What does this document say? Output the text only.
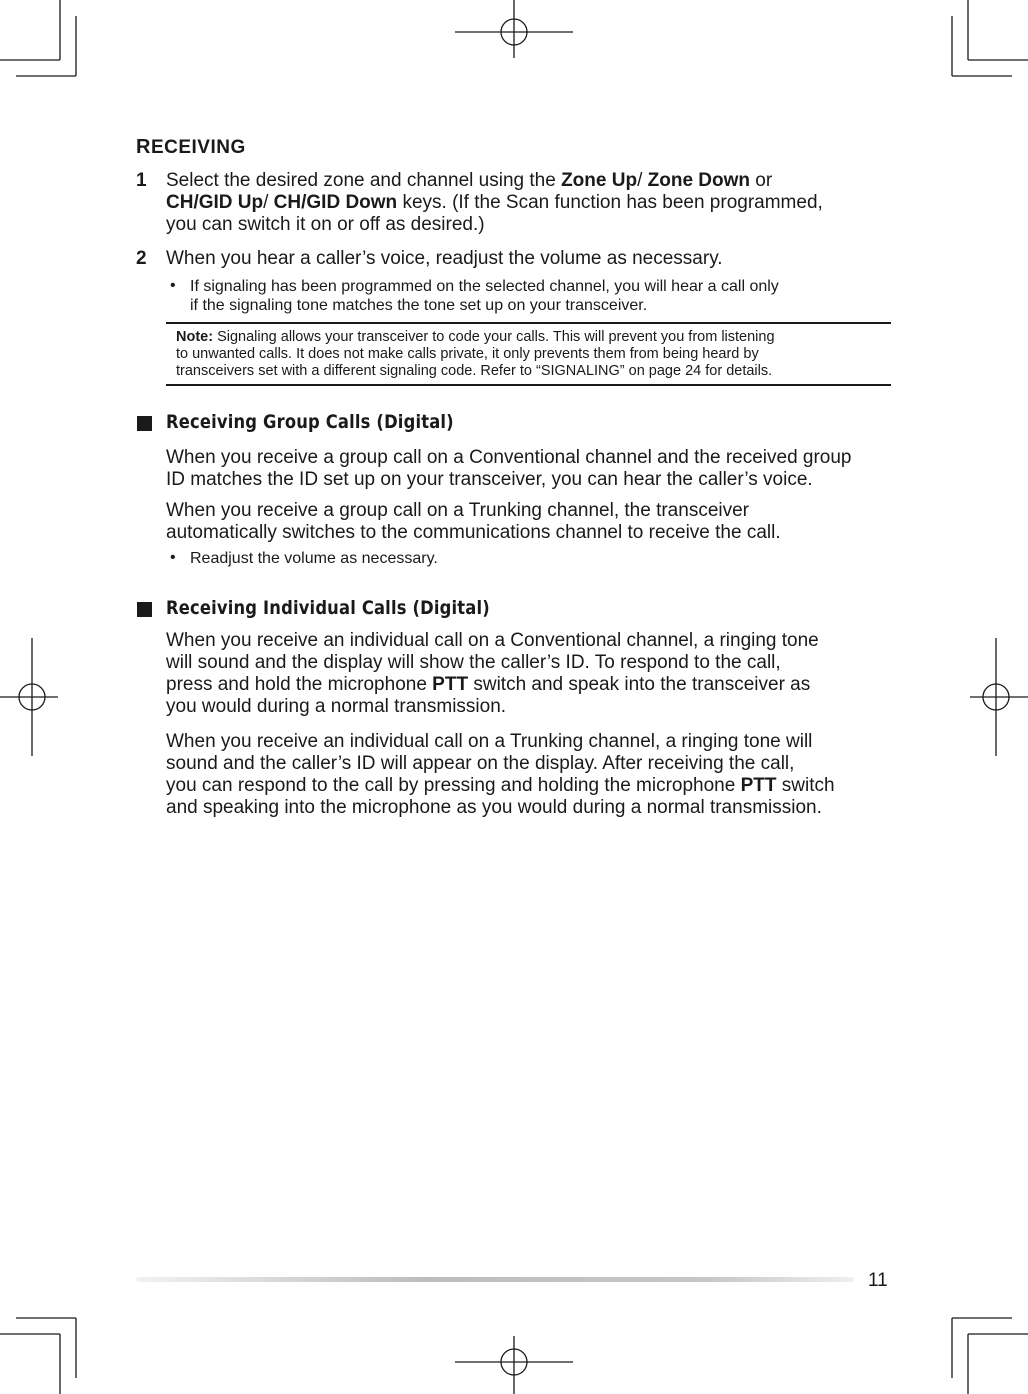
RECEIVING
1 Select the desired zone and channel using the Zone Up/ Zone Down or
CH/GID Up/ CH/GID Down keys. (If the Scan function has been programmed,
you can switch it on or off as desired.)
2 When you hear a caller’s voice, readjust the volume as necessary.
• If signaling has been programmed on the selected channel, you will hear a call only
if the signaling tone matches the tone set up on your transceiver.
Note: Signaling allows your transceiver to code your calls. This will prevent you from listening
to unwanted calls. It does not make calls private, it only prevents them from being heard by
transceivers set with a different signaling code. Refer to “SIGNALING” on page 24 for details.
Receiving Group Calls (Digital)
When you receive a group call on a Conventional channel and the received group
ID matches the ID set up on your transceiver, you can hear the caller’s voice.
When you receive a group call on a Trunking channel, the transceiver
automatically switches to the communications channel to receive the call.
• Readjust the volume as necessary.
Receiving Individual Calls (Digital)
When you receive an individual call on a Conventional channel, a ringing tone
will sound and the display will show the caller’s ID. To respond to the call,
press and hold the microphone PTT switch and speak into the transceiver as
you would during a normal transmission.
When you receive an individual call on a Trunking channel, a ringing tone will
sound and the caller’s ID will appear on the display. After receiving the call,
you can respond to the call by pressing and holding the microphone PTT switch
and speaking into the microphone as you would during a normal transmission.
11
